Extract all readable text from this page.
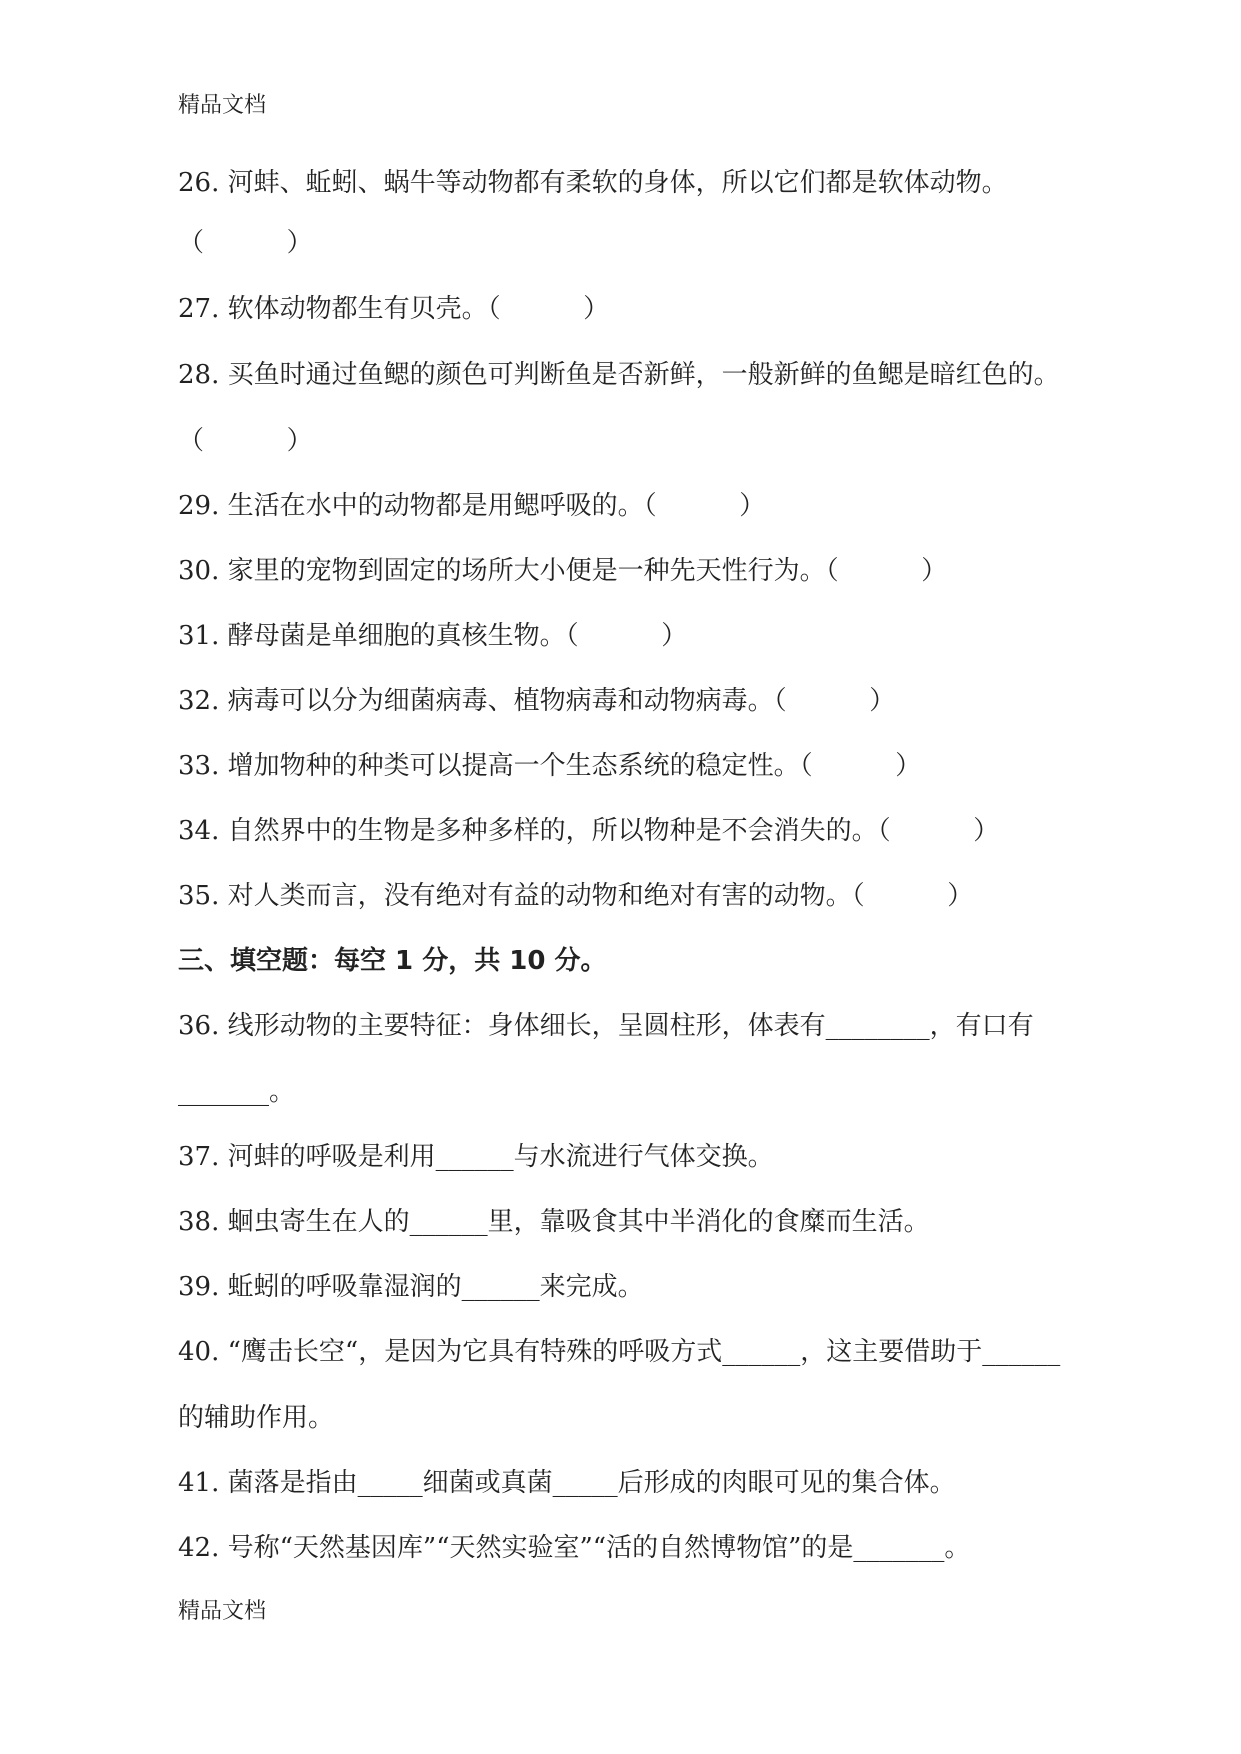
精品文档
26. 河蚌、蚯蚓、蜗牛等动物都有柔软的身体，所以它们都是软体动物。
（          ）
27. 软体动物都生有贝壳。（          ）
28. 买鱼时通过鱼鳃的颜色可判断鱼是否新鲜，一般新鲜的鱼鳃是暗红色的。
（          ）
29. 生活在水中的动物都是用鳃呼吸的。（          ）
30. 家里的宠物到固定的场所大小便是一种先天性行为。（          ）
31. 酵母菌是单细胞的真核生物。（          ）
32. 病毒可以分为细菌病毒、植物病毒和动物病毒。（          ）
33. 增加物种的种类可以提高一个生态系统的稳定性。（          ）
34. 自然界中的生物是多种多样的，所以物种是不会消失的。（          ）
35. 对人类而言，没有绝对有益的动物和绝对有害的动物。（          ）
三、填空题：每空 1 分，共 10 分。
36. 线形动物的主要特征：身体细长，呈圆柱形，体表有________，有口有
_______。
37. 河蚌的呼吸是利用______与水流进行气体交换。
38. 蛔虫寄生在人的______里，靠吸食其中半消化的食糜而生活。
39. 蚯蚓的呼吸靠湿润的______来完成。
40. “鹰击长空“，是因为它具有特殊的呼吸方式______，这主要借助于______
的辅助作用。
41. 菌落是指由_____细菌或真菌_____后形成的肉眼可见的集合体。
42. 号称“天然基因库”“天然实验室”“活的自然博物馆”的是_______。
精品文档
